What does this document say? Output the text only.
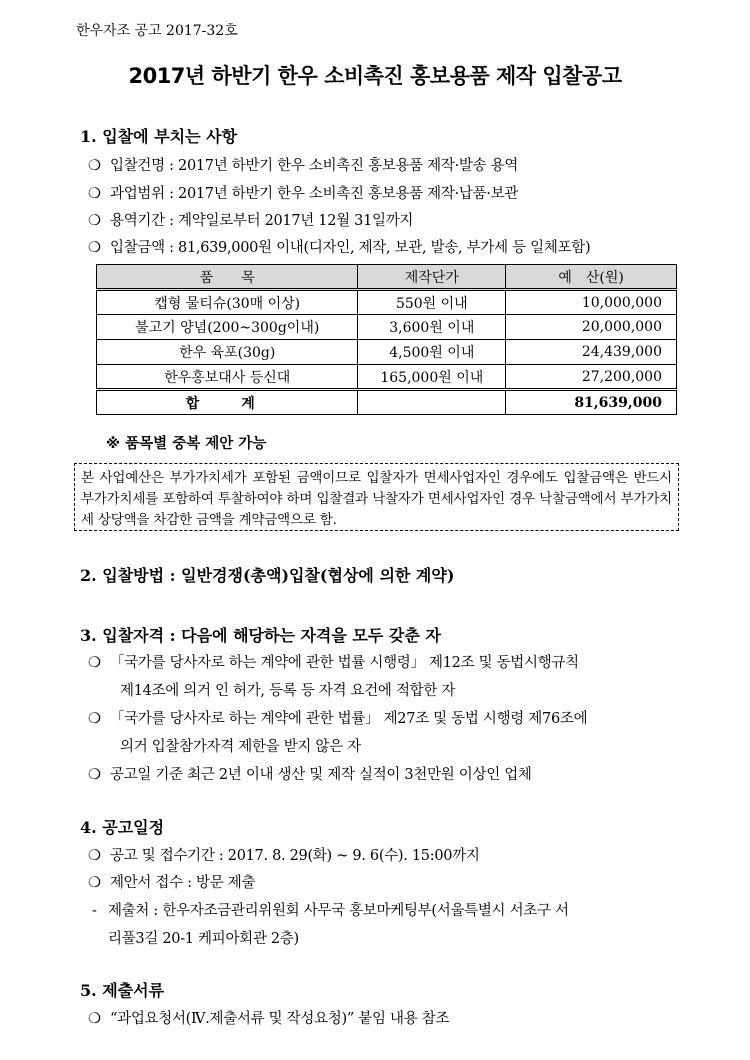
한우자조 공고 2017-32호
2017년 하반기 한우 소비촉진 홍보용품 제작 입찰공고
1. 입찰에 부치는 사항
❍ 입찰건명 : 2017년 하반기 한우 소비촉진 홍보용품 제작·발송 용역
❍ 과업범위 : 2017년 하반기 한우 소비촉진 홍보용품 제작·납품·보관
❍ 용역기간 : 계약일로부터 2017년 12월 31일까지
❍ 입찰금액 : 81,639,000원 이내(디자인, 제작, 보관, 발송, 부가세 등 일체포함)
품　　목	제작단가	예　산(원)
캡형 물티슈(30매 이상)	550원 이내	10,000,000
불고기 양념(200~300g이내)	3,600원 이내	20,000,000
한우 육포(30g)	4,500원 이내	24,439,000
한우홍보대사 등신대	165,000원 이내	27,200,000
합　계		81,639,000
※ 품목별 중복 제안 가능
본 사업예산은 부가가치세가 포함된 금액이므로 입찰자가 면세사업자인 경우에도 입찰금액은 반드시 부가가치세를 포함하여 투찰하여야 하며 입찰결과 낙찰자가 면세사업자인 경우 낙찰금액에서 부가가치세 상당액을 차감한 금액을 계약금액으로 함.
2. 입찰방법 : 일반경쟁(총액)입찰(협상에 의한 계약)
3. 입찰자격 : 다음에 해당하는 자격을 모두 갖춘 자
❍ 「국가를 당사자로 하는 계약에 관한 법률 시행령」 제12조 및 동법시행규칙
제14조에 의거 인 허가, 등록 등 자격 요건에 적합한 자
❍ 「국가를 당사자로 하는 계약에 관한 법률」 제27조 및 동법 시행령 제76조에
의거 입찰참가자격 제한을 받지 않은 자
❍ 공고일 기준 최근 2년 이내 생산 및 제작 실적이 3천만원 이상인 업체
4. 공고일정
❍ 공고 및 접수기간 : 2017. 8. 29(화) ~ 9. 6(수). 15:00까지
❍ 제안서 접수 : 방문 제출
- 제출처 : 한우자조금관리위원회 사무국 홍보마케팅부(서울특별시 서초구 서
리풀3길 20-1 케피아회관 2층)
5. 제출서류
❍ “과업요청서(Ⅳ.제출서류 및 작성요청)” 붙임 내용 참조
